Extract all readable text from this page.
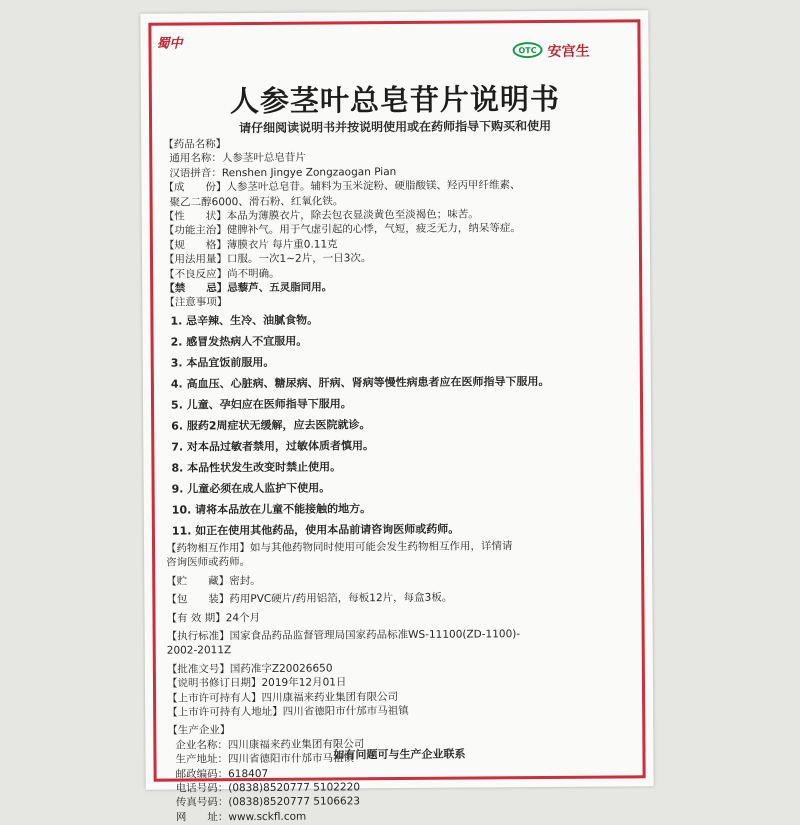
蜀中	OTC 安宫生
人参茎叶总皂苷片说明书
请仔细阅读说明书并按说明使用或在药师指导下购买和使用
【药品名称】
通用名称：人参茎叶总皂苷片
汉语拼音：Renshen Jingye Zongzaogan Pian
【成　　份】人参茎叶总皂苷。辅料为玉米淀粉、硬脂酸镁、羟丙甲纤维素、
聚乙二醇6000、滑石粉、红氧化铁。
【性　　状】本品为薄膜衣片，除去包衣显淡黄色至淡褐色；味苦。
【功能主治】健脾补气。用于气虚引起的心悸，气短，疲乏无力，纳呆等症。
【规　　格】薄膜衣片 每片重0.11克
【用法用量】口服。一次1~2片，一日3次。
【不良反应】尚不明确。
【禁　　忌】忌藜芦、五灵脂同用。
【注意事项】
1. 忌辛辣、生冷、油腻食物。
2. 感冒发热病人不宜服用。
3. 本品宜饭前服用。
4. 高血压、心脏病、糖尿病、肝病、肾病等慢性病患者应在医师指导下服用。
5. 儿童、孕妇应在医师指导下服用。
6. 服药2周症状无缓解，应去医院就诊。
7. 对本品过敏者禁用，过敏体质者慎用。
8. 本品性状发生改变时禁止使用。
9. 儿童必须在成人监护下使用。
10. 请将本品放在儿童不能接触的地方。
11. 如正在使用其他药品，使用本品前请咨询医师或药师。
【药物相互作用】如与其他药物同时使用可能会发生药物相互作用，详情请
咨询医师或药师。
【贮　　藏】密封。
【包　　装】药用PVC硬片/药用铝箔，每板12片，每盒3板。
【有 效 期】24个月
【执行标准】国家食品药品监督管理局国家药品标准WS-11100(ZD-1100)-
2002-2011Z
【批准文号】国药准字Z20026650
【说明书修订日期】2019年12月01日
【上市许可持有人】四川康福来药业集团有限公司
【上市许可持有人地址】四川省德阳市什邡市马祖镇
【生产企业】
企业名称：四川康福来药业集团有限公司
生产地址：四川省德阳市什邡市马祖镇
邮政编码：618407
电话号码：(0838)8520777 5102220
传真号码：(0838)8520777 5106623
网　　址：www.sckfl.com
如有问题可与生产企业联系
